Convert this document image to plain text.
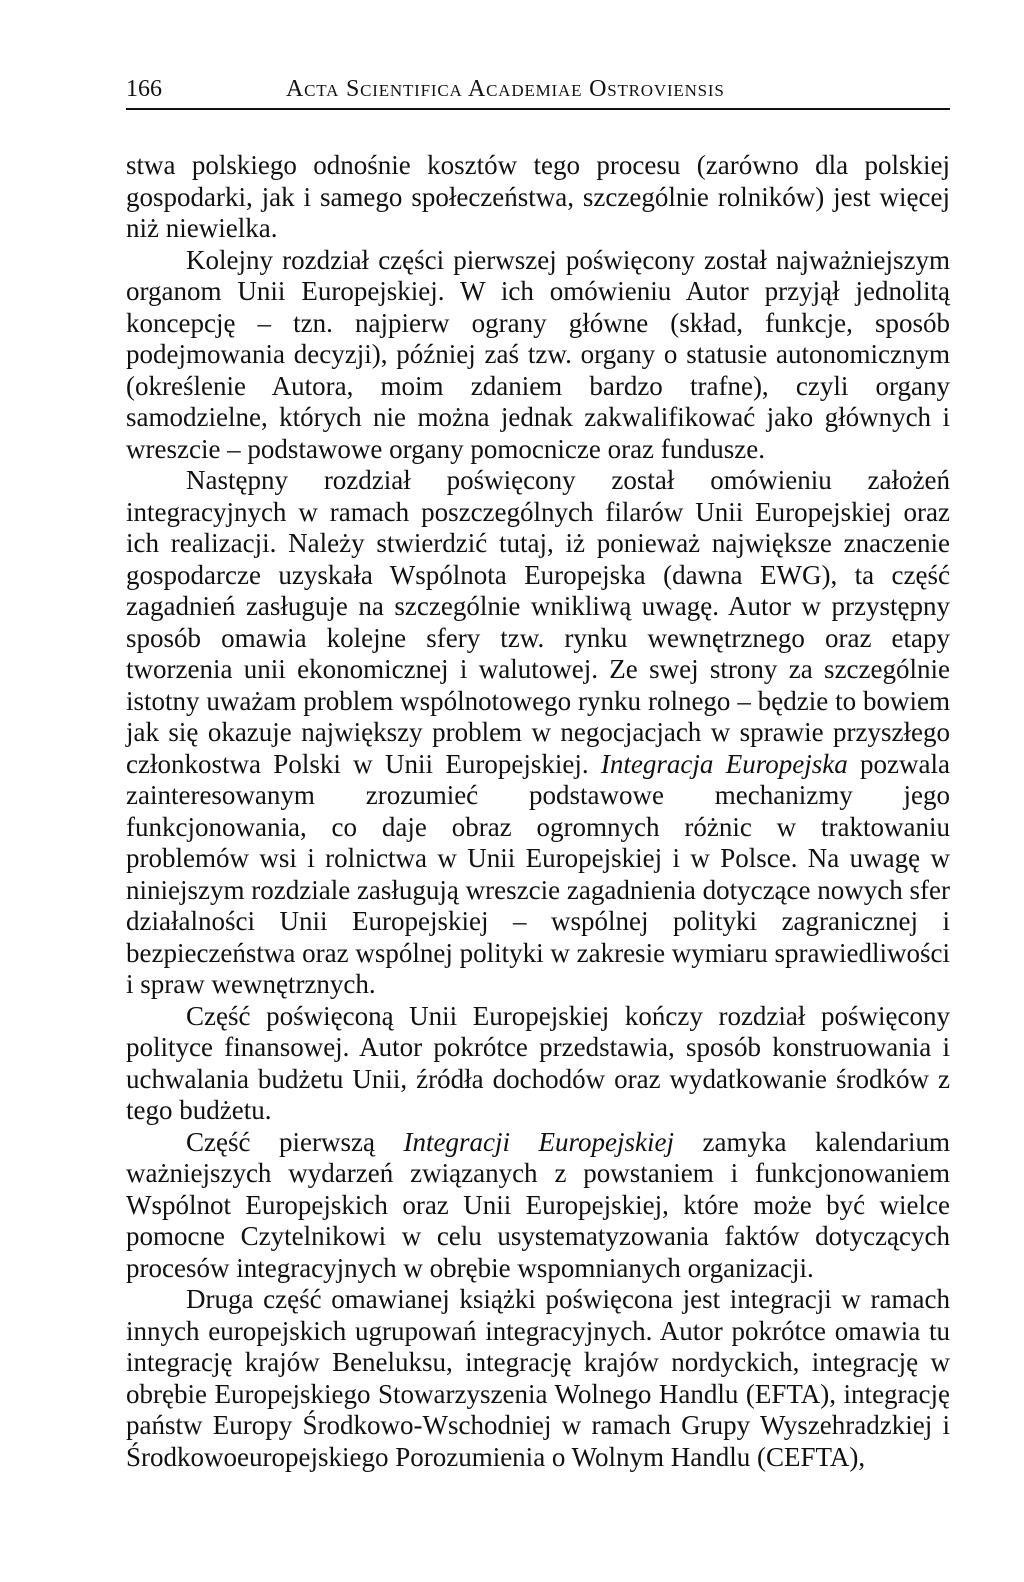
166	Acta Scientifica Academiae Ostroviensis

stwa polskiego odnośnie kosztów tego procesu (zarówno dla polskiej gospodarki, jak i samego społeczeństwa, szczególnie rolników) jest więcej niż niewielka.

Kolejny rozdział części pierwszej poświęcony został najważniejszym organom Unii Europejskiej. W ich omówieniu Autor przyjął jednolitą koncepcję – tzn. najpierw ograny główne (skład, funkcje, sposób podejmowania decyzji), później zaś tzw. organy o statusie autonomicznym (określenie Autora, moim zdaniem bardzo trafne), czyli organy samodzielne, których nie można jednak zakwalifikować jako głównych i wreszcie – podstawowe organy pomocnicze oraz fundusze.

Następny rozdział poświęcony został omówieniu założeń integracyjnych w ramach poszczególnych filarów Unii Europejskiej oraz ich realizacji. Należy stwierdzić tutaj, iż ponieważ największe znaczenie gospodarcze uzyskała Wspólnota Europejska (dawna EWG), ta część zagadnień zasługuje na szczególnie wnikliwą uwagę. Autor w przystępny sposób omawia kolejne sfery tzw. rynku wewnętrznego oraz etapy tworzenia unii ekonomicznej i walutowej. Ze swej strony za szczególnie istotny uważam problem wspólnotowego rynku rolnego – będzie to bowiem jak się okazuje największy problem w negocjacjach w sprawie przyszłego członkostwa Polski w Unii Europejskiej. Integracja Europejska pozwala zainteresowanym zrozumieć podstawowe mechanizmy jego funkcjonowania, co daje obraz ogromnych różnic w traktowaniu problemów wsi i rolnictwa w Unii Europejskiej i w Polsce. Na uwagę w niniejszym rozdziale zasługują wreszcie zagadnienia dotyczące nowych sfer działalności Unii Europejskiej – wspólnej polityki zagranicznej i bezpieczeństwa oraz wspólnej polityki w zakresie wymiaru sprawiedliwości i spraw wewnętrznych.

Część poświęconą Unii Europejskiej kończy rozdział poświęcony polityce finansowej. Autor pokrótce przedstawia, sposób konstruowania i uchwalania budżetu Unii, źródła dochodów oraz wydatkowanie środków z tego budżetu.

Część pierwszą Integracji Europejskiej zamyka kalendarium ważniejszych wydarzeń związanych z powstaniem i funkcjonowaniem Wspólnot Europejskich oraz Unii Europejskiej, które może być wielce pomocne Czytelnikowi w celu usystematyzowania faktów dotyczących procesów integracyjnych w obrębie wspomnianych organizacji.

Druga część omawianej książki poświęcona jest integracji w ramach innych europejskich ugrupowań integracyjnych. Autor pokrótce omawia tu integrację krajów Beneluksu, integrację krajów nordyckich, integrację w obrębie Europejskiego Stowarzyszenia Wolnego Handlu (EFTA), integrację państw Europy Środkowo-Wschodniej w ramach Grupy Wyszehradzkiej i Środkowoeuropejskiego Porozumienia o Wolnym Handlu (CEFTA),
